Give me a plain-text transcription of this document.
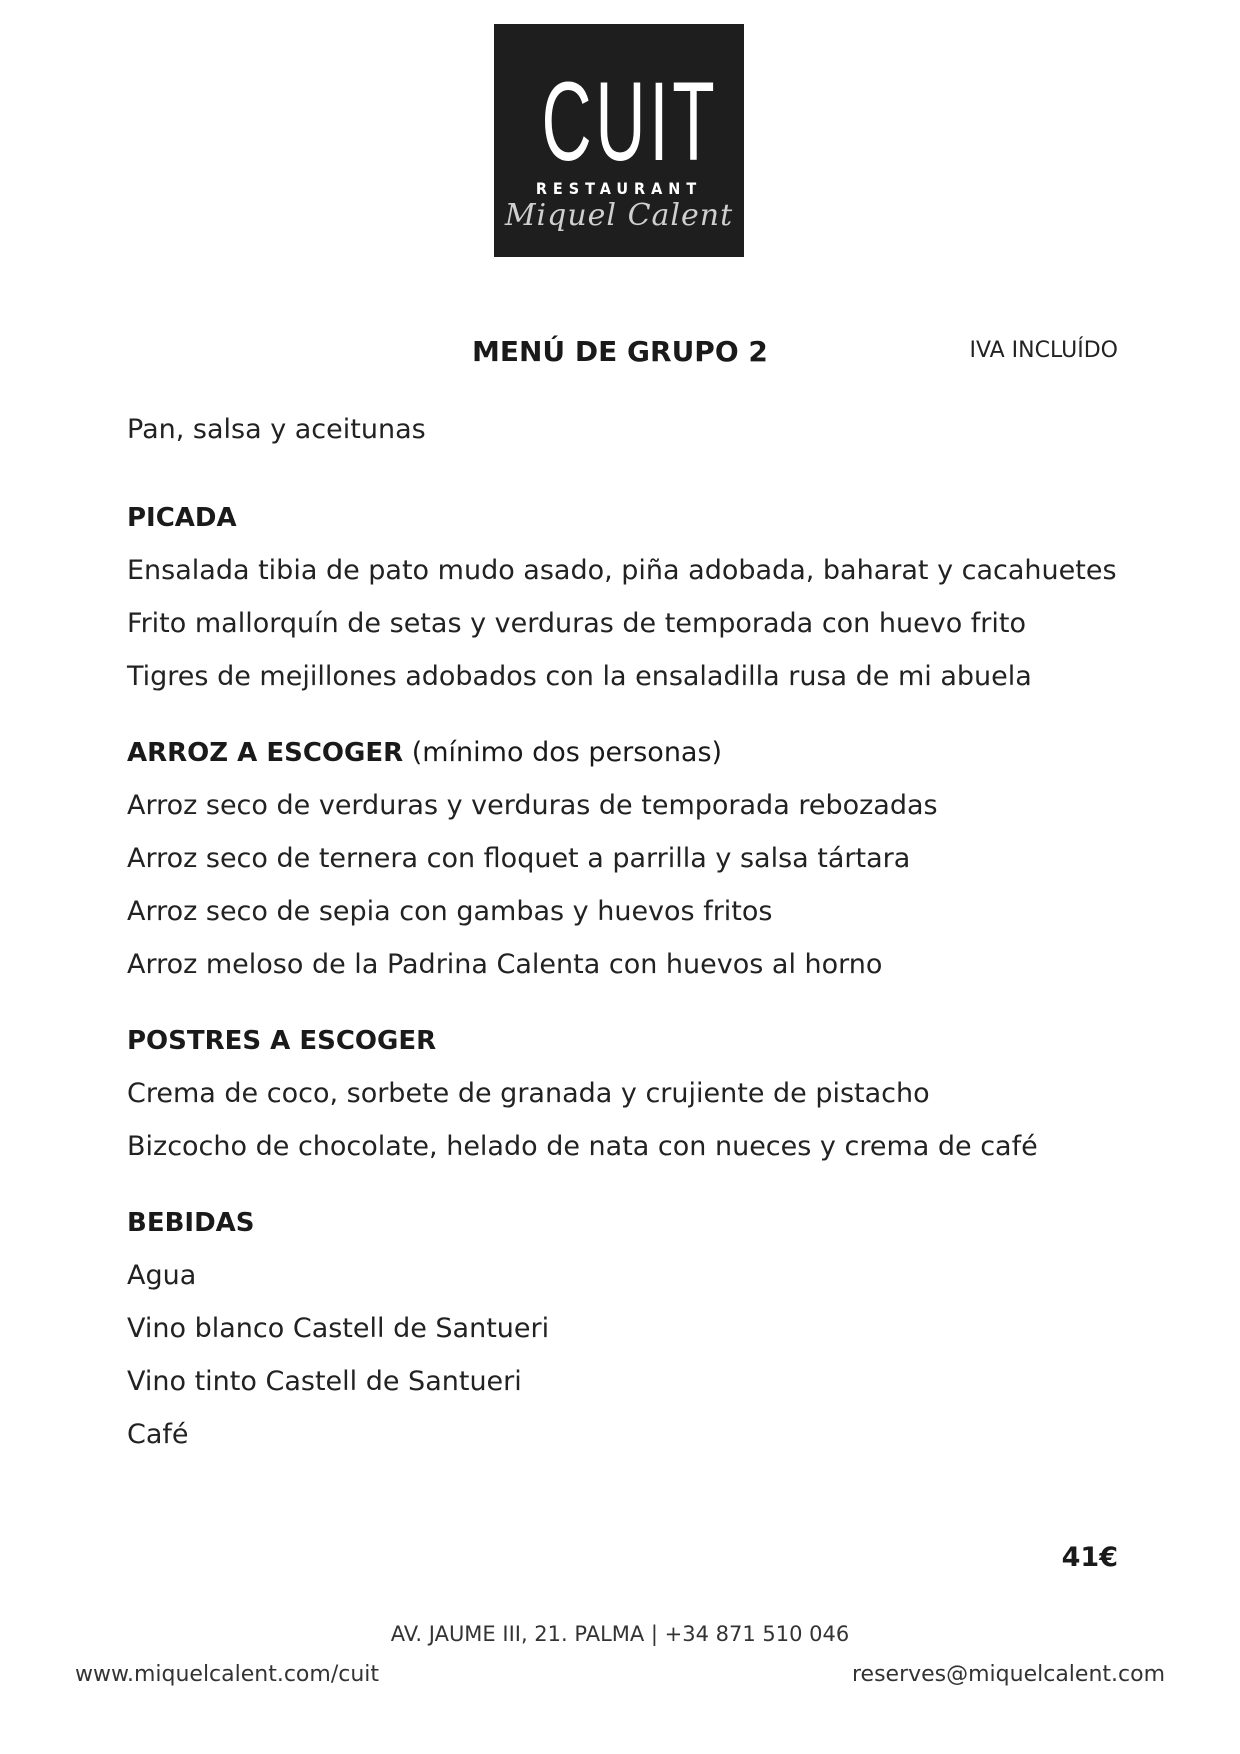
CUIT
RESTAURANT
Miquel Calent
MENÚ DE GRUPO 2	IVA INCLUÍDO
Pan, salsa y aceitunas
PICADA
Ensalada tibia de pato mudo asado, piña adobada, baharat y cacahuetes
Frito mallorquín de setas y verduras de temporada con huevo frito
Tigres de mejillones adobados con la ensaladilla rusa de mi abuela
ARROZ A ESCOGER (mínimo dos personas)
Arroz seco de verduras y verduras de temporada rebozadas
Arroz seco de ternera con floquet a parrilla y salsa tártara
Arroz seco de sepia con gambas y huevos fritos
Arroz meloso de la Padrina Calenta con huevos al horno
POSTRES A ESCOGER
Crema de coco, sorbete de granada y crujiente de pistacho
Bizcocho de chocolate, helado de nata con nueces y crema de café
BEBIDAS
Agua
Vino blanco Castell de Santueri
Vino tinto Castell de Santueri
Café
41€
AV. JAUME III, 21. PALMA | +34 871 510 046
www.miquelcalent.com/cuit	reserves@miquelcalent.com
